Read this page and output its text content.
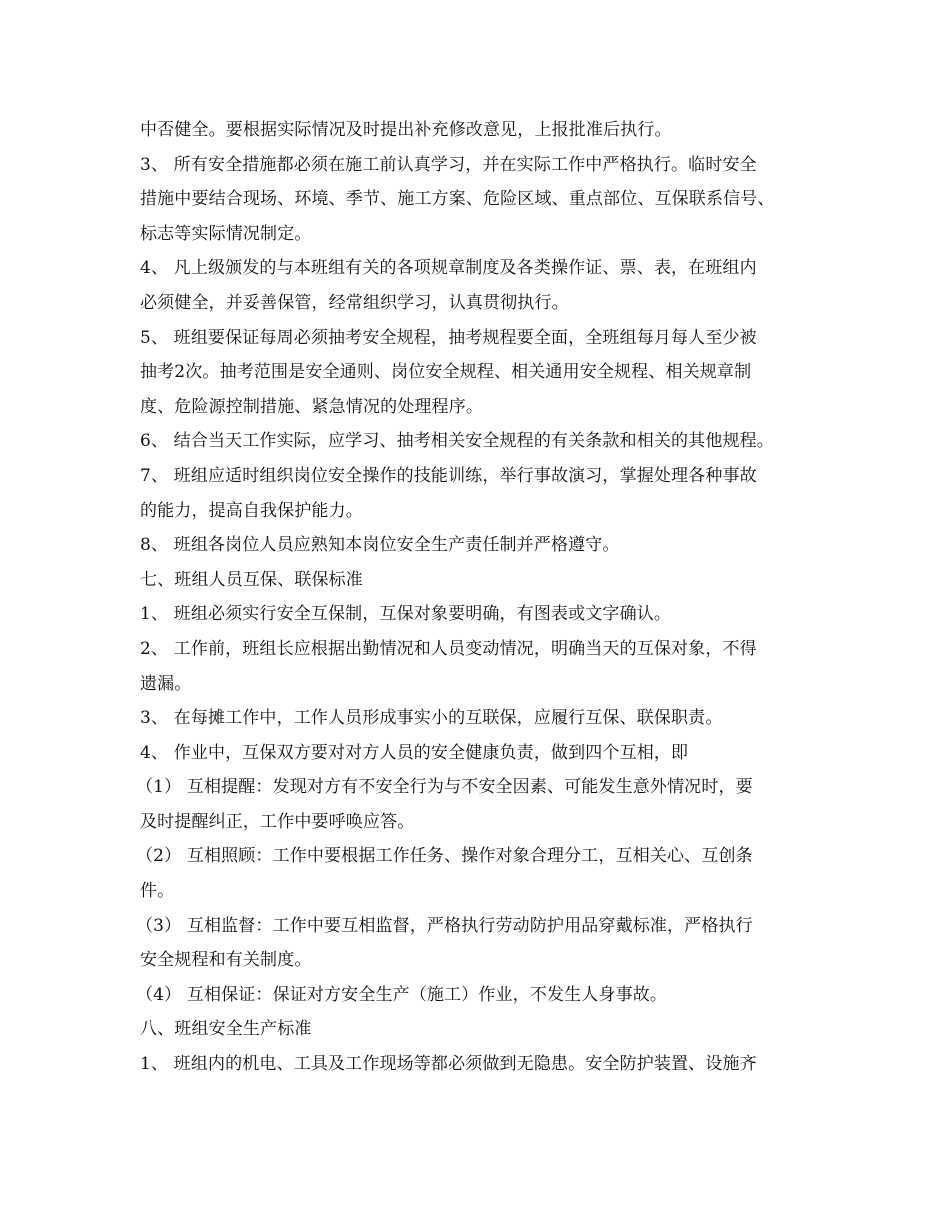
中否健全。要根据实际情况及时提出补充修改意见，上报批准后执行。
3、 所有安全措施都必须在施工前认真学习，并在实际工作中严格执行。临时安全
措施中要结合现场、环境、季节、施工方案、危险区域、重点部位、互保联系信号、
标志等实际情况制定。
4、 凡上级颁发的与本班组有关的各项规章制度及各类操作证、票、表，在班组内
必须健全，并妥善保管，经常组织学习，认真贯彻执行。
5、 班组要保证每周必须抽考安全规程，抽考规程要全面，全班组每月每人至少被
抽考2次。抽考范围是安全通则、岗位安全规程、相关通用安全规程、相关规章制
度、危险源控制措施、紧急情况的处理程序。
6、 结合当天工作实际，应学习、抽考相关安全规程的有关条款和相关的其他规程。
7、 班组应适时组织岗位安全操作的技能训练，举行事故演习，掌握处理各种事故
的能力，提高自我保护能力。
8、 班组各岗位人员应熟知本岗位安全生产责任制并严格遵守。
七、班组人员互保、联保标准
1、 班组必须实行安全互保制，互保对象要明确，有图表或文字确认。
2、 工作前，班组长应根据出勤情况和人员变动情况，明确当天的互保对象，不得
遗漏。
3、 在每摊工作中，工作人员形成事实小的互联保，应履行互保、联保职责。
4、 作业中，互保双方要对对方人员的安全健康负责，做到四个互相，即
（1） 互相提醒：发现对方有不安全行为与不安全因素、可能发生意外情况时，要
及时提醒纠正，工作中要呼唤应答。
（2） 互相照顾：工作中要根据工作任务、操作对象合理分工，互相关心、互创条
件。
（3） 互相监督：工作中要互相监督，严格执行劳动防护用品穿戴标准，严格执行
安全规程和有关制度。
（4） 互相保证：保证对方安全生产（施工）作业，不发生人身事故。
八、班组安全生产标准
1、 班组内的机电、工具及工作现场等都必须做到无隐患。安全防护装置、设施齐
